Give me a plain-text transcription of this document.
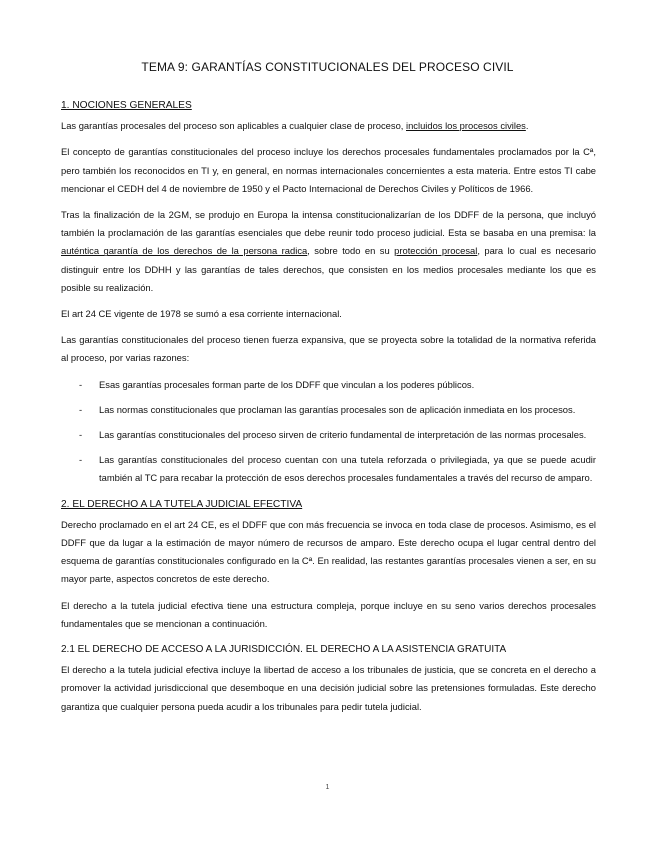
TEMA 9: GARANTÍAS CONSTITUCIONALES DEL PROCESO CIVIL
1. NOCIONES GENERALES

Las garantías procesales del proceso son aplicables a cualquier clase de proceso, incluidos los procesos civiles.

El concepto de garantías constitucionales del proceso incluye los derechos procesales fundamentales proclamados por la Cª, pero también los reconocidos en TI y, en general, en normas internacionales concernientes a esta materia. Entre estos TI cabe mencionar el CEDH del 4 de noviembre de 1950 y el Pacto Internacional de Derechos Civiles y Políticos de 1966.

Tras la finalización de la 2GM, se produjo en Europa la intensa constitucionalizarían de los DDFF de la persona, que incluyó también la proclamación de las garantías esenciales que debe reunir todo proceso judicial. Esta se basaba en una premisa: la auténtica garantía de los derechos de la persona radica, sobre todo en su protección procesal, para lo cual es necesario distinguir entre los DDHH y las garantías de tales derechos, que consisten en los medios procesales mediante los que es posible su realización.

El art 24 CE vigente de 1978 se sumó a esa corriente internacional.

Las garantías constitucionales del proceso tienen fuerza expansiva, que se proyecta sobre la totalidad de la normativa referida al proceso, por varias razones:

- Esas garantías procesales forman parte de los DDFF que vinculan a los poderes públicos.
- Las normas constitucionales que proclaman las garantías procesales son de aplicación inmediata en los procesos.
- Las garantías constitucionales del proceso sirven de criterio fundamental de interpretación de las normas procesales.
- Las garantías constitucionales del proceso cuentan con una tutela reforzada o privilegiada, ya que se puede acudir también al TC para recabar la protección de esos derechos procesales fundamentales a través del recurso de amparo.
2. EL DERECHO A LA TUTELA JUDICIAL EFECTIVA

Derecho proclamado en el art 24 CE, es el DDFF que con más frecuencia se invoca en toda clase de procesos. Asimismo, es el DDFF que da lugar a la estimación de mayor número de recursos de amparo. Este derecho ocupa el lugar central dentro del esquema de garantías constitucionales configurado en la Cª. En realidad, las restantes garantías procesales vienen a ser, en su mayor parte, aspectos concretos de este derecho.

El derecho a la tutela judicial efectiva tiene una estructura compleja, porque incluye en su seno varios derechos procesales fundamentales que se mencionan a continuación.

2.1 EL DERECHO DE ACCESO A LA JURISDICCIÓN. EL DERECHO A LA ASISTENCIA GRATUITA

El derecho a la tutela judicial efectiva incluye la libertad de acceso a los tribunales de justicia, que se concreta en el derecho a promover la actividad jurisdiccional que desemboque en una decisión judicial sobre las pretensiones formuladas. Este derecho garantiza que cualquier persona pueda acudir a los tribunales para pedir tutela judicial.

1
